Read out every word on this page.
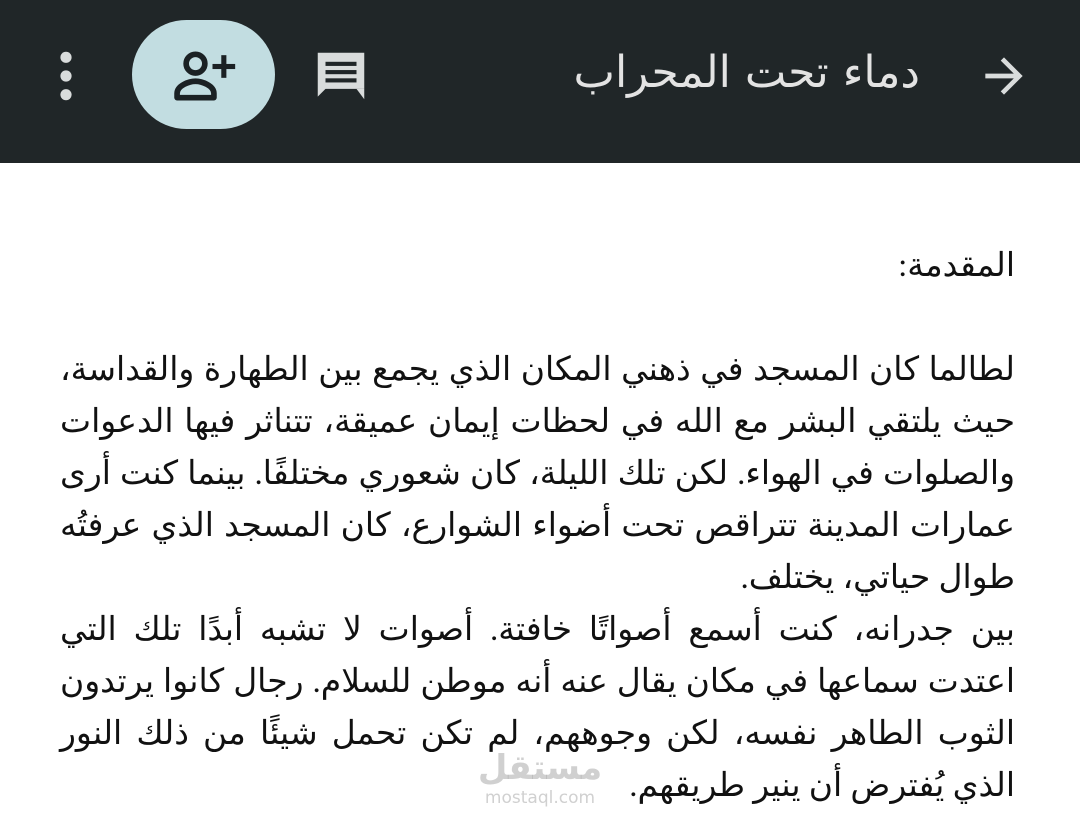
دماء تحت المحراب

المقدمة:

لطالما كان المسجد في ذهني المكان الذي يجمع بين الطهارة والقداسة، حيث يلتقي البشر مع الله في لحظات إيمان عميقة، تتناثر فيها الدعوات والصلوات في الهواء. لكن تلك الليلة، كان شعوري مختلفًا. بينما كنت أرى عمارات المدينة تتراقص تحت أضواء الشوارع، كان المسجد الذي عرفتُه طوال حياتي، يختلف.

بين جدرانه، كنت أسمع أصواتًا خافتة. أصوات لا تشبه أبدًا تلك التي اعتدت سماعها في مكان يقال عنه أنه موطن للسلام. رجال كانوا يرتدون الثوب الطاهر نفسه، لكن وجوههم، لم تكن تحمل شيئًا من ذلك النور الذي يُفترض أن ينير طريقهم.

مستقل
mostaql.com
